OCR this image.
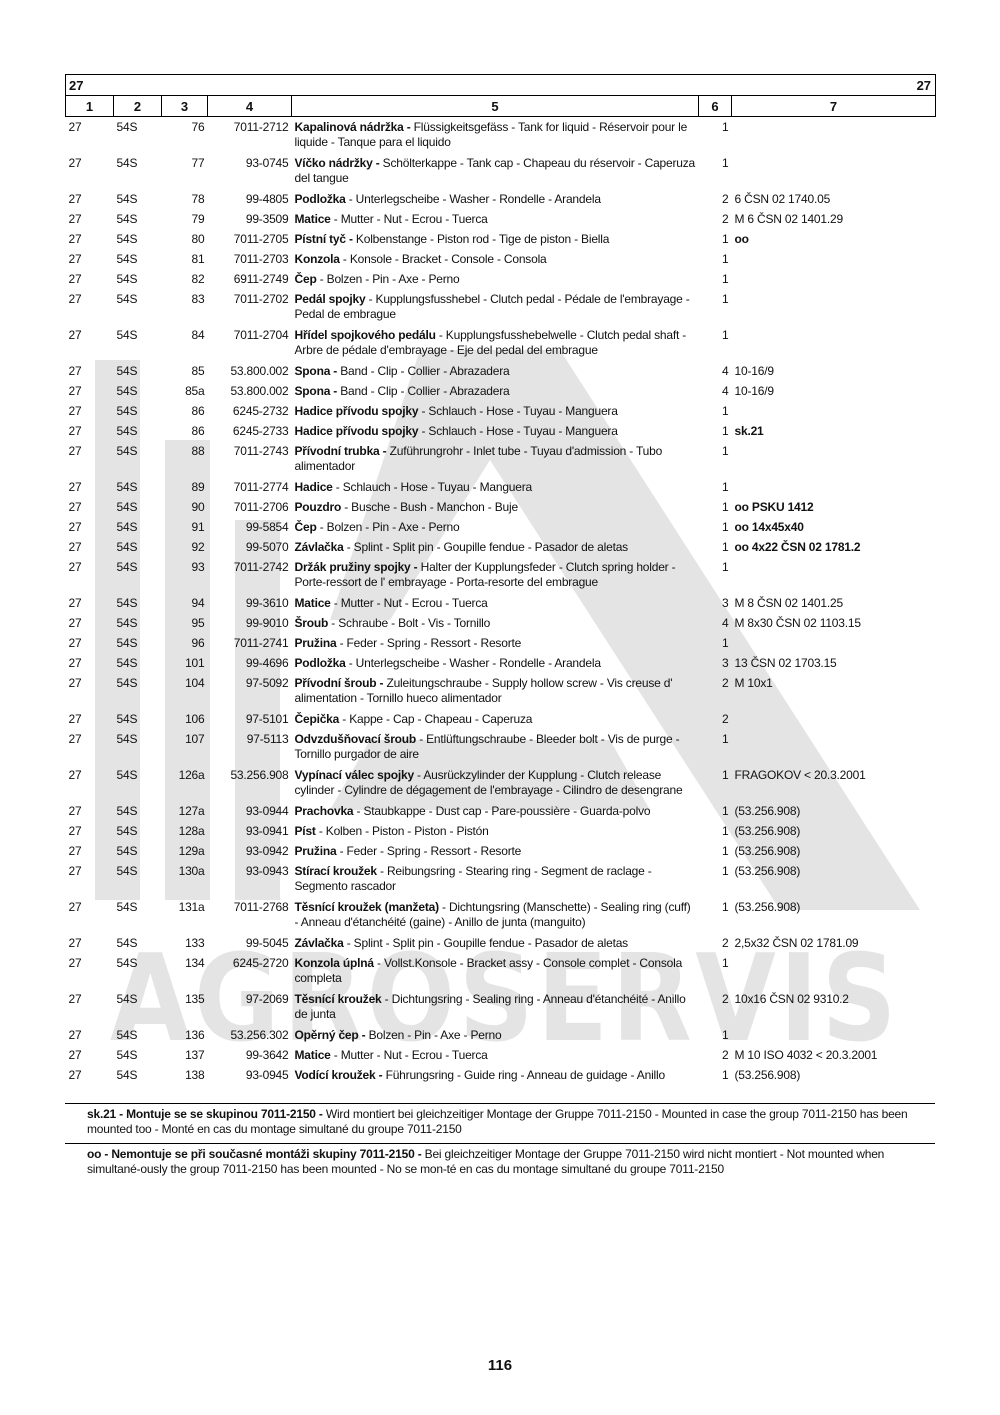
AGROSERVIS
27 27						

1	2	3	4	5	6	7
27	54S	76	7011-2712	Kapalinová nádržka - Flüssigkeitsgefäss - Tank for liquid - Réservoir pour le liquide - Tanque para el liquido	1	
27	54S	77	93-0745	Víčko nádržky - Schölterkappe - Tank cap - Chapeau du réservoir - Caperuza del tangue	1	
27	54S	78	99-4805	Podložka - Unterlegscheibe - Washer - Rondelle - Arandela	2	6 ČSN 02 1740.05
27	54S	79	99-3509	Matice - Mutter - Nut - Ecrou - Tuerca	2	M 6 ČSN 02 1401.29
27	54S	80	7011-2705	Pístní tyč - Kolbenstange - Piston rod - Tige de piston - Biella	1	oo
27	54S	81	7011-2703	Konzola - Konsole - Bracket - Console - Consola	1	
27	54S	82	6911-2749	Čep - Bolzen - Pin - Axe - Perno	1	
27	54S	83	7011-2702	Pedál spojky - Kupplungsfusshebel - Clutch pedal - Pédale de l'embrayage - Pedal de embrague	1	
27	54S	84	7011-2704	Hřídel spojkového pedálu - Kupplungsfusshebelwelle - Clutch pedal shaft - Arbre de pédale d'embrayage - Eje del pedal del embrague	1	
27	54S	85	53.800.002	Spona - Band - Clip - Collier - Abrazadera	4	10-16/9
27	54S	85a	53.800.002	Spona - Band - Clip - Collier - Abrazadera	4	10-16/9
27	54S	86	6245-2732	Hadice přívodu spojky - Schlauch - Hose - Tuyau - Manguera	1	
27	54S	86	6245-2733	Hadice přívodu spojky - Schlauch - Hose - Tuyau - Manguera	1	sk.21
27	54S	88	7011-2743	Přívodní trubka - Zuführungrohr - Inlet tube - Tuyau d'admission - Tubo alimentador	1	
27	54S	89	7011-2774	Hadice - Schlauch - Hose - Tuyau - Manguera	1	
27	54S	90	7011-2706	Pouzdro - Busche - Bush - Manchon - Buje	1	oo PSKU 1412
27	54S	91	99-5854	Čep - Bolzen - Pin - Axe - Perno	1	oo 14x45x40
27	54S	92	99-5070	Závlačka - Splint - Split pin - Goupille fendue - Pasador de aletas	1	oo 4x22 ČSN 02 1781.2
27	54S	93	7011-2742	Držák pružiny spojky - Halter der Kupplungsfeder - Clutch spring holder - Porte-ressort de l' embrayage - Porta-resorte del embrague	1	
27	54S	94	99-3610	Matice - Mutter - Nut - Ecrou - Tuerca	3	M 8 ČSN 02 1401.25
27	54S	95	99-9010	Šroub - Schraube - Bolt - Vis - Tornillo	4	M 8x30 ČSN 02 1103.15
27	54S	96	7011-2741	Pružina - Feder - Spring - Ressort - Resorte	1	
27	54S	101	99-4696	Podložka - Unterlegscheibe - Washer - Rondelle - Arandela	3	13 ČSN 02 1703.15
27	54S	104	97-5092	Přívodní šroub - Zuleitungschraube - Supply hollow screw - Vis creuse d' alimentation - Tornillo hueco alimentador	2	M 10x1
27	54S	106	97-5101	Čepička - Kappe - Cap - Chapeau - Caperuza	2	
27	54S	107	97-5113	Odvzdušňovací šroub - Entlüftungschraube - Bleeder bolt - Vis de purge - Tornillo purgador de aire	1	
27	54S	126a	53.256.908	Vypínací válec spojky - Ausrückzylinder der Kupplung - Clutch release cylinder - Cylindre de dégagement de l'embrayage - Cilindro de desengrane	1	FRAGOKOV < 20.3.2001
27	54S	127a	93-0944	Prachovka - Staubkappe - Dust cap - Pare-poussière - Guarda-polvo	1	(53.256.908)
27	54S	128a	93-0941	Píst - Kolben - Piston - Piston - Pistón	1	(53.256.908)
27	54S	129a	93-0942	Pružina - Feder - Spring - Ressort - Resorte	1	(53.256.908)
27	54S	130a	93-0943	Stírací kroužek - Reibungsring - Stearing ring - Segment de raclage - Segmento rascador	1	(53.256.908)
27	54S	131a	7011-2768	Těsnící kroužek (manžeta) - Dichtungsring (Manschette) - Sealing ring (cuff) - Anneau d'étanchéité (gaine) - Anillo de junta (manguito)	1	(53.256.908)
27	54S	133	99-5045	Závlačka - Splint - Split pin - Goupille fendue - Pasador de aletas	2	2,5x32 ČSN 02 1781.09
27	54S	134	6245-2720	Konzola úplná - Vollst.Konsole - Bracket assy - Console complet - Consola completa	1	
27	54S	135	97-2069	Těsnící kroužek - Dichtungsring - Sealing ring - Anneau d'étanchéité - Anillo de junta	2	10x16 ČSN 02 9310.2
27	54S	136	53.256.302	Opěrný čep - Bolzen - Pin - Axe - Perno	1	
27	54S	137	99-3642	Matice - Mutter - Nut - Ecrou - Tuerca	2	M 10 ISO 4032 < 20.3.2001
27	54S	138	93-0945	Vodící kroužek - Führungsring - Guide ring - Anneau de guidage - Anillo	1	(53.256.908)
sk.21 - Montuje se se skupinou 7011-2150 - Wird montiert bei gleichzeitiger Montage der Gruppe 7011-2150 - Mounted in case the group 7011-2150 has been mounted too - Monté en cas du montage simultané du groupe 7011-2150
oo - Nemontuje se při současné montáži skupiny 7011-2150 - Bei gleichzeitiger Montage der Gruppe 7011-2150 wird nicht montiert - Not mounted when simultané-ously the group 7011-2150 has been mounted - No se mon-té en cas du montage simultané du groupe 7011-2150
116
